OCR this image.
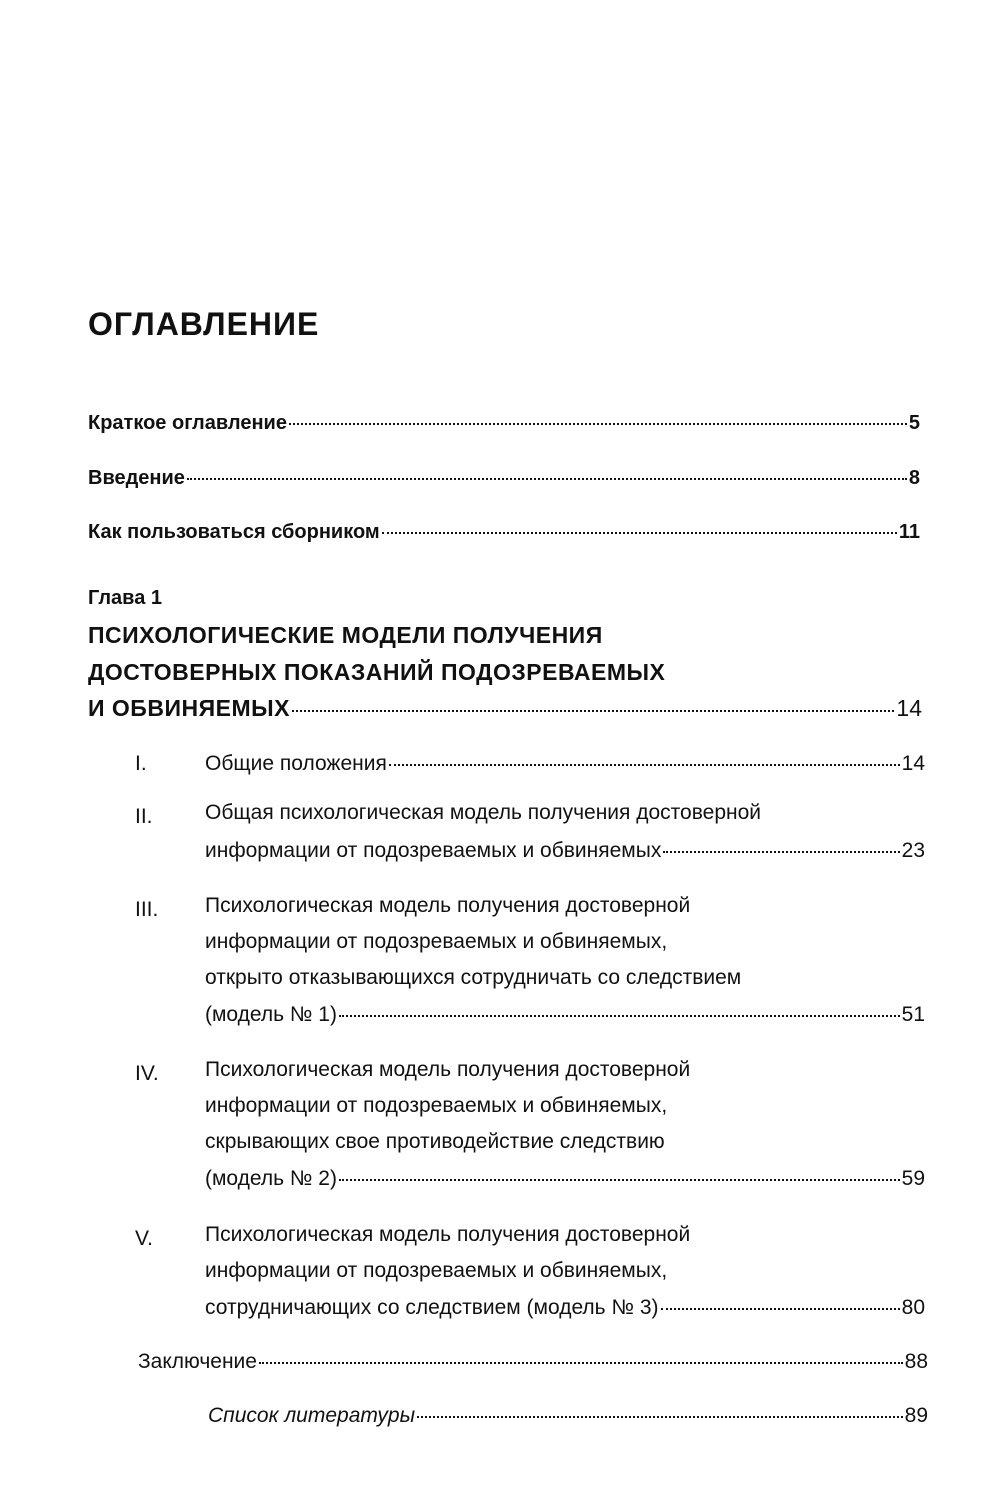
ОГЛАВЛЕНИЕ
Краткое оглавление	5
Введение	8
Как пользоваться сборником	11
Глава 1
ПСИХОЛОГИЧЕСКИЕ МОДЕЛИ ПОЛУЧЕНИЯ
ДОСТОВЕРНЫХ ПОКАЗАНИЙ ПОДОЗРЕВАЕМЫХ
И ОБВИНЯЕМЫХ	14
I.	Общие положения	14
II. Общая психологическая модель получения достоверной
информации от подозреваемых и обвиняемых	23
III. Психологическая модель получения достоверной
информации от подозреваемых и обвиняемых,
открыто отказывающихся сотрудничать со следствием
(модель № 1)	51
IV. Психологическая модель получения достоверной
информации от подозреваемых и обвиняемых,
скрывающих свое противодействие следствию
(модель № 2)	59
V. Психологическая модель получения достоверной
информации от подозреваемых и обвиняемых,
сотрудничающих со следствием (модель № 3)	80
Заключение	88
Список литературы	89
